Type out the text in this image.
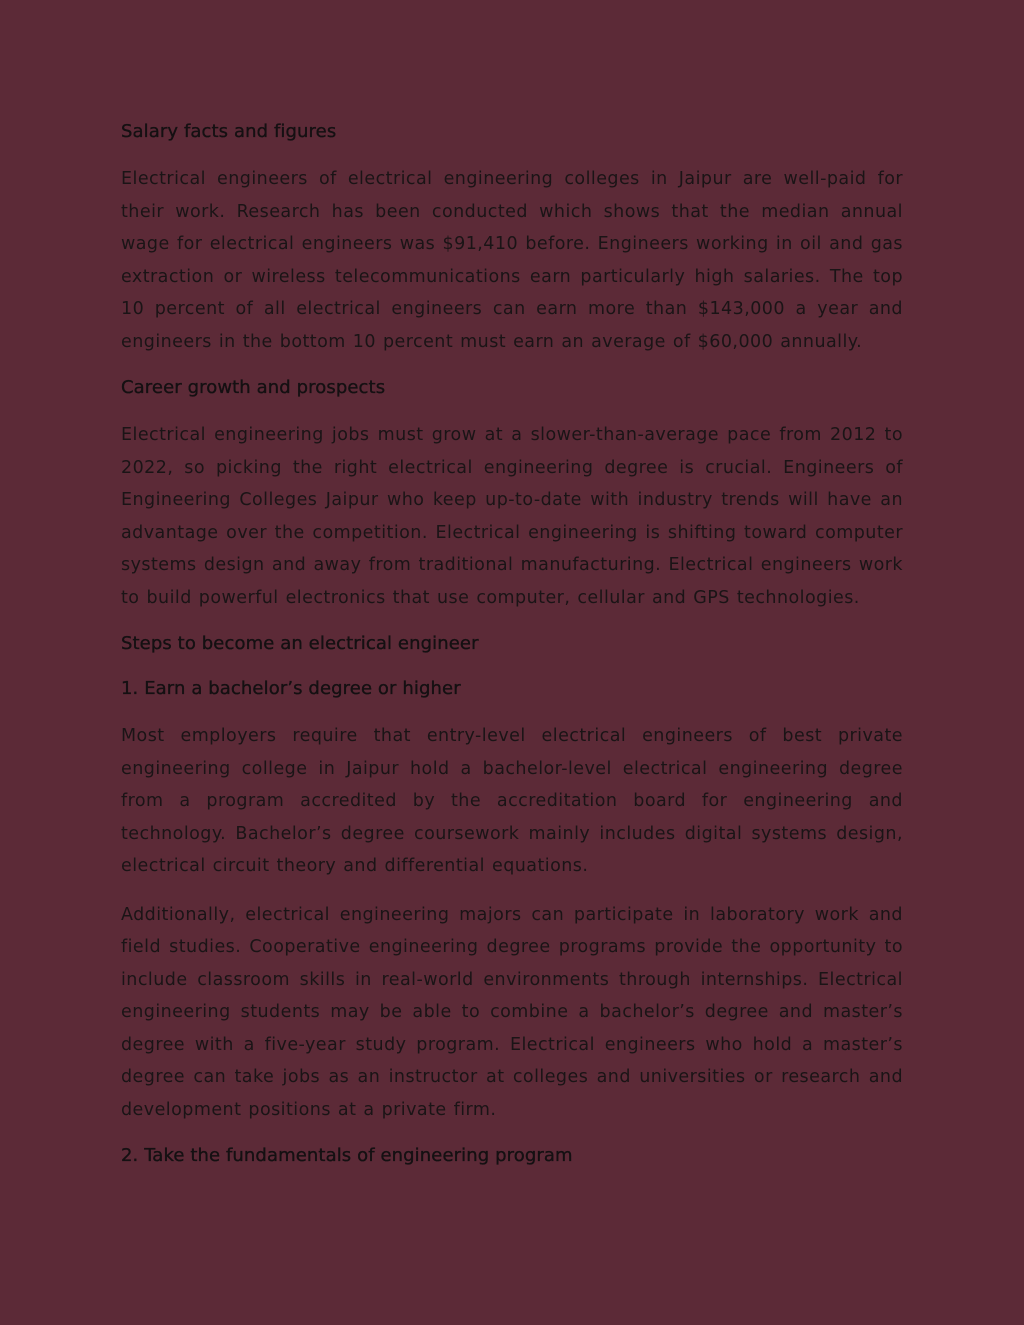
Salary facts and figures

Electrical engineers of electrical engineering colleges in Jaipur are well-paid for their work. Research has been conducted which shows that the median annual wage for electrical engineers was $91,410 before. Engineers working in oil and gas extraction or wireless telecommunications earn particularly high salaries. The top 10 percent of all electrical engineers can earn more than $143,000 a year and engineers in the bottom 10 percent must earn an average of $60,000 annually.

Career growth and prospects

Electrical engineering jobs must grow at a slower-than-average pace from 2012 to 2022, so picking the right electrical engineering degree is crucial. Engineers of Engineering Colleges Jaipur who keep up-to-date with industry trends will have an advantage over the competition. Electrical engineering is shifting toward computer systems design and away from traditional manufacturing. Electrical engineers work to build powerful electronics that use computer, cellular and GPS technologies.

Steps to become an electrical engineer
1. Earn a bachelor’s degree or higher

Most employers require that entry-level electrical engineers of best private engineering college in Jaipur hold a bachelor-level electrical engineering degree from a program accredited by the accreditation board for engineering and technology. Bachelor’s degree coursework mainly includes digital systems design, electrical circuit theory and differential equations.

Additionally, electrical engineering majors can participate in laboratory work and field studies. Cooperative engineering degree programs provide the opportunity to include classroom skills in real-world environments through internships. Electrical engineering students may be able to combine a bachelor’s degree and master’s degree with a five-year study program. Electrical engineers who hold a master’s degree can take jobs as an instructor at colleges and universities or research and development positions at a private firm.

2. Take the fundamentals of engineering program
